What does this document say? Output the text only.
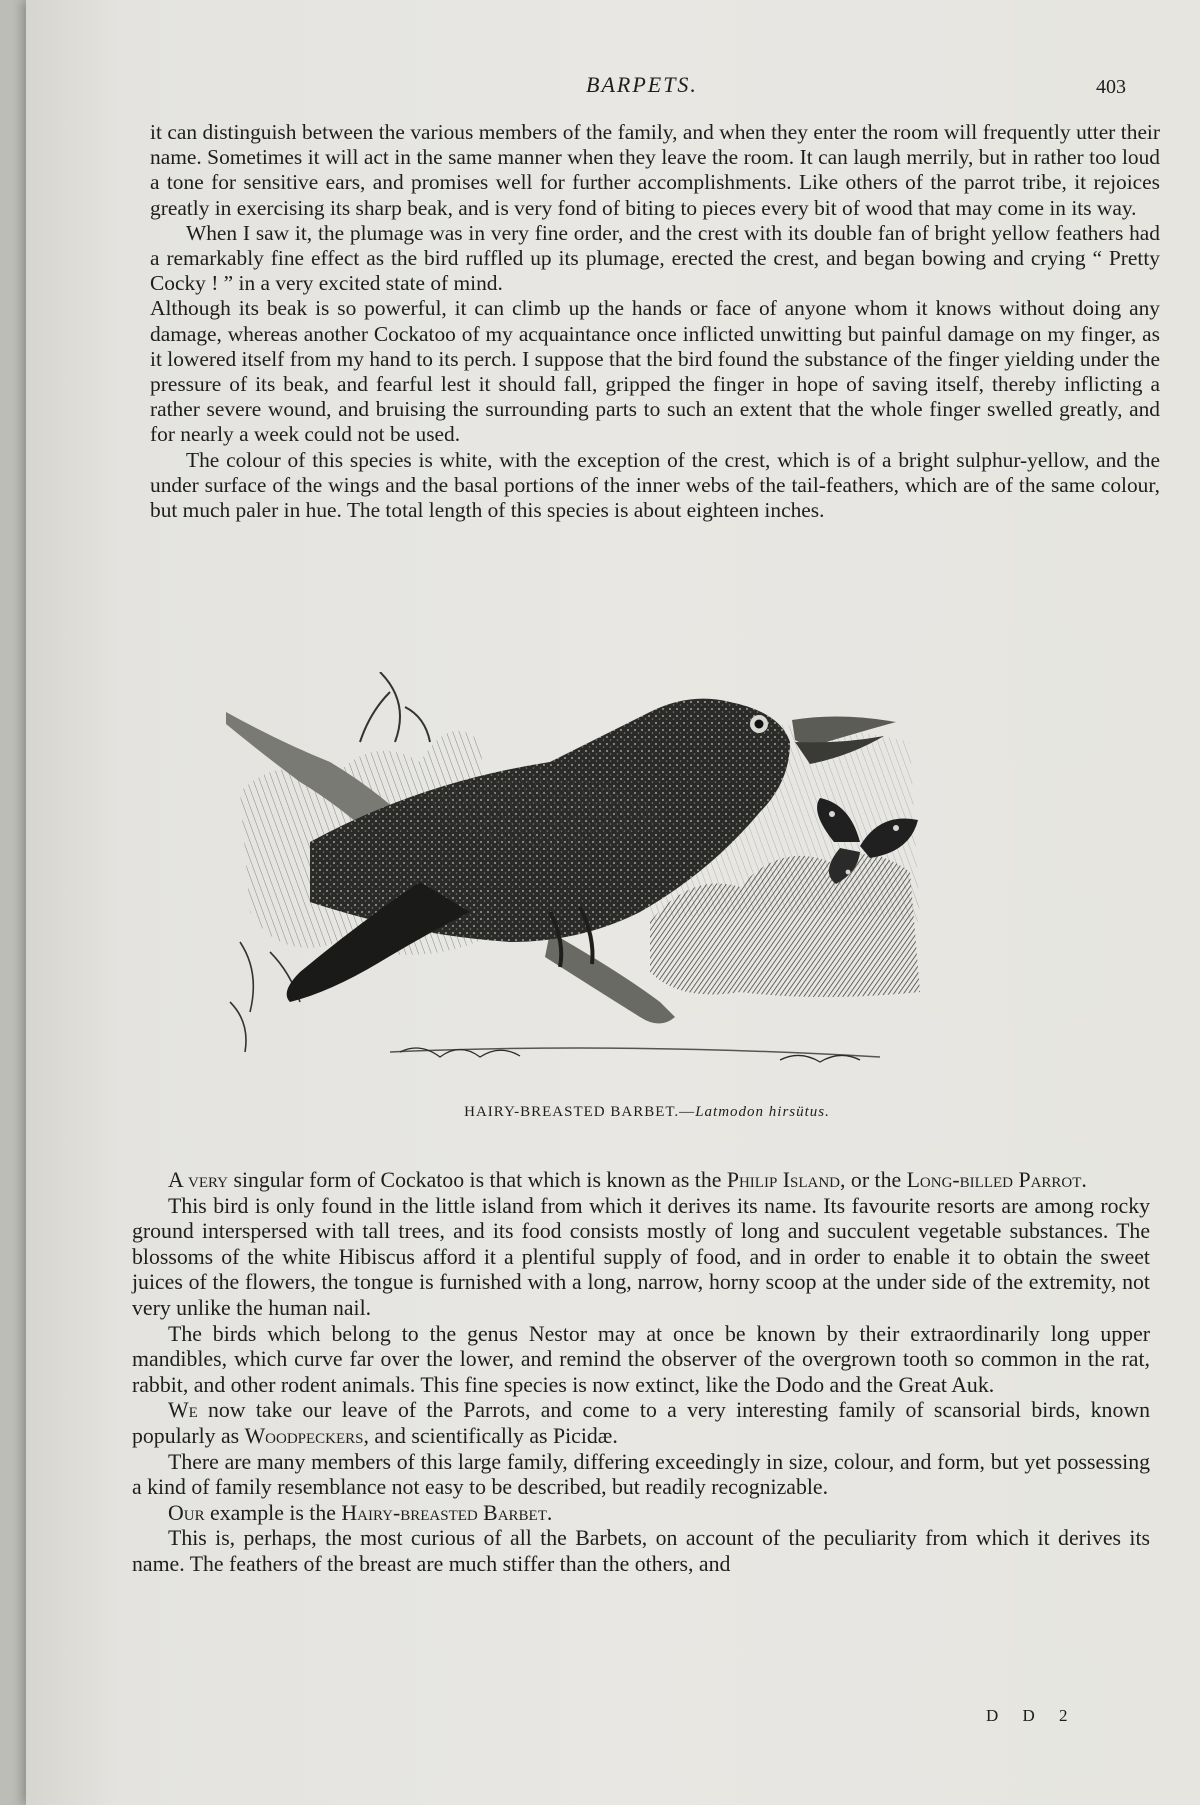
BARPETS.	403

it can distinguish between the various members of the family, and when they enter the room will frequently utter their name. Sometimes it will act in the same manner when they leave the room. It can laugh merrily, but in rather too loud a tone for sensitive ears, and promises well for further accomplishments. Like others of the parrot tribe, it rejoices greatly in exercising its sharp beak, and is very fond of biting to pieces every bit of wood that may come in its way.

When I saw it, the plumage was in very fine order, and the crest with its double fan of bright yellow feathers had a remarkably fine effect as the bird ruffled up its plumage, erected the crest, and began bowing and crying “ Pretty Cocky ! ” in a very excited state of mind.

Although its beak is so powerful, it can climb up the hands or face of anyone whom it knows without doing any damage, whereas another Cockatoo of my acquaintance once inflicted unwitting but painful damage on my finger, as it lowered itself from my hand to its perch. I suppose that the bird found the substance of the finger yielding under the pressure of its beak, and fearful lest it should fall, gripped the finger in hope of saving itself, thereby inflicting a rather severe wound, and bruising the surrounding parts to such an extent that the whole finger swelled greatly, and for nearly a week could not be used.

The colour of this species is white, with the exception of the crest, which is of a bright sulphur-yellow, and the under surface of the wings and the basal portions of the inner webs of the tail-feathers, which are of the same colour, but much paler in hue. The total length of this species is about eighteen inches.

HAIRY-BREASTED BARBET.—Latmodon hirsütus.

A very singular form of Cockatoo is that which is known as the Philip Island, or the Long-billed Parrot.

This bird is only found in the little island from which it derives its name. Its favourite resorts are among rocky ground interspersed with tall trees, and its food consists mostly of long and succulent vegetable substances. The blossoms of the white Hibiscus afford it a plentiful supply of food, and in order to enable it to obtain the sweet juices of the flowers, the tongue is furnished with a long, narrow, horny scoop at the under side of the extremity, not very unlike the human nail.

The birds which belong to the genus Nestor may at once be known by their extraordinarily long upper mandibles, which curve far over the lower, and remind the observer of the overgrown tooth so common in the rat, rabbit, and other rodent animals. This fine species is now extinct, like the Dodo and the Great Auk.

We now take our leave of the Parrots, and come to a very interesting family of scansorial birds, known popularly as Woodpeckers, and scientifically as Picidæ.

There are many members of this large family, differing exceedingly in size, colour, and form, but yet possessing a kind of family resemblance not easy to be described, but readily recognizable.

Our example is the Hairy-breasted Barbet.

This is, perhaps, the most curious of all the Barbets, on account of the peculiarity from which it derives its name. The feathers of the breast are much stiffer than the others, and

D D 2
